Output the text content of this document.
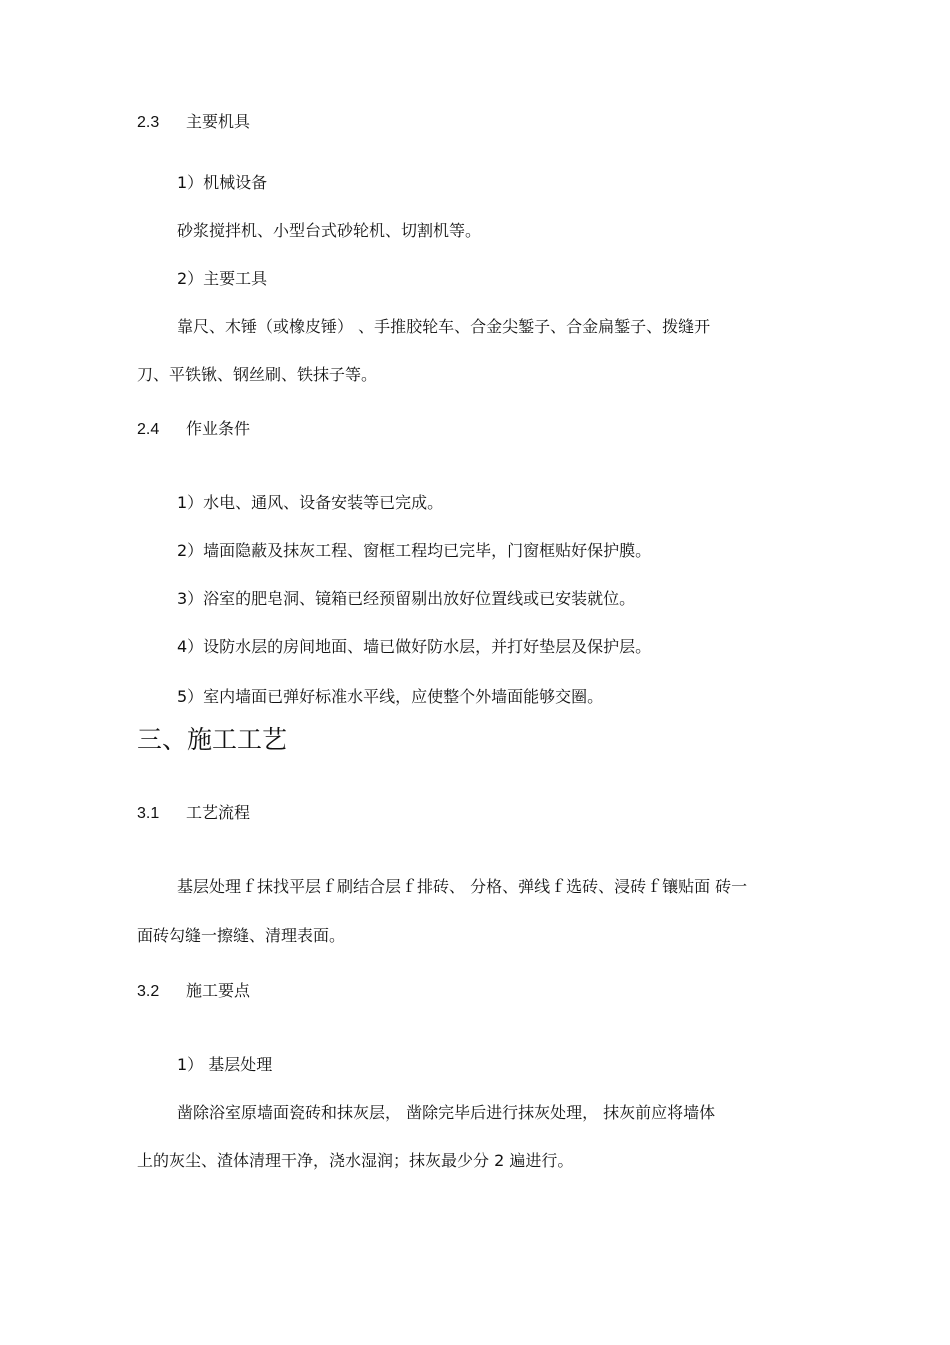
2.3 主要机具
1）机械设备
砂浆搅拌机、小型台式砂轮机、切割机等。
2）主要工具
靠尺、木锤（或橡皮锤） 、手推胶轮车、合金尖錾子、合金扁錾子、拨缝开
刀、平铁锹、钢丝刷、铁抹子等。
2.4 作业条件
1）水电、通风、设备安装等已完成。
2）墙面隐蔽及抹灰工程、窗框工程均已完毕，门窗框贴好保护膜。
3）浴室的肥皂洞、镜箱已经预留剔出放好位置线或已安装就位。
4）设防水层的房间地面、墙已做好防水层，并打好垫层及保护层。
5）室内墙面已弹好标准水平线，应使整个外墙面能够交圈。
三、施工工艺
3.1 工艺流程
基层处理ｆ抹找平层ｆ刷结合层ｆ排砖、 分格、弹线ｆ选砖、浸砖ｆ镶贴面 砖一
面砖勾缝一擦缝、清理表面。
3.2 施工要点
1） 基层处理
凿除浴室原墙面瓷砖和抹灰层， 凿除完毕后进行抹灰处理， 抹灰前应将墙体
上的灰尘、渣体清理干净，浇水湿润；抹灰最少分 2 遍进行。
